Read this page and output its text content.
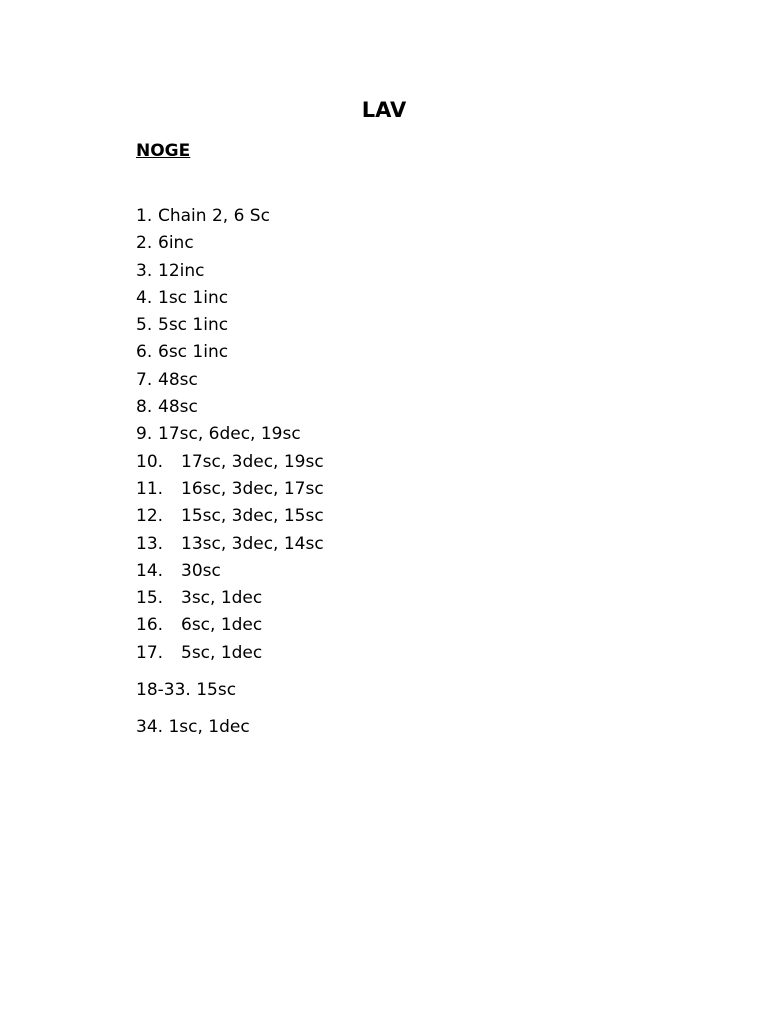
LAV
NOGE
1. Chain 2, 6 Sc
2. 6inc
3. 12inc
4. 1sc 1inc
5. 5sc 1inc
6. 6sc 1inc
7. 48sc
8. 48sc
9. 17sc, 6dec, 19sc
10. 17sc, 3dec, 19sc
11. 16sc, 3dec, 17sc
12. 15sc, 3dec, 15sc
13. 13sc, 3dec, 14sc
14. 30sc
15. 3sc, 1dec
16. 6sc, 1dec
17. 5sc, 1dec
18-33. 15sc
34. 1sc, 1dec
